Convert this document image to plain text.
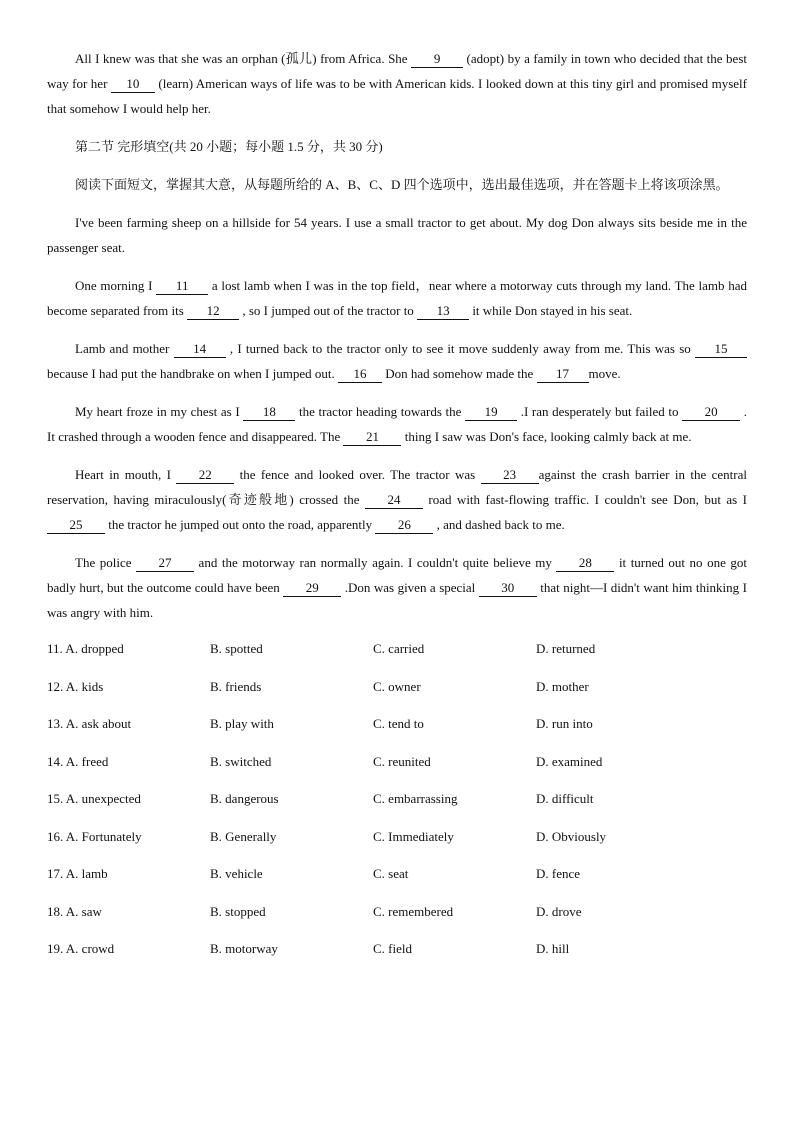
All I knew was that she was an orphan (孤儿) from Africa. She 9 (adopt) by a family in town who decided that the best way for her 10 (learn) American ways of life was to be with American kids. I looked down at this tiny girl and promised myself that somehow I would help her.

第二节 完形填空(共 20 小题；每小题 1.5 分，共 30 分)

阅读下面短文，掌握其大意，从每题所给的 A、B、C、D 四个选项中，选出最佳选项，并在答题卡上将该项涂黑。

I've been farming sheep on a hillside for 54 years. I use a small tractor to get about. My dog Don always sits beside me in the passenger seat.

One morning I 11 a lost lamb when I was in the top field，near where a motorway cuts through my land. The lamb had become separated from its 12 , so I jumped out of the tractor to 13 it while Don stayed in his seat.

Lamb and mother 14 , I turned back to the tractor only to see it move suddenly away from me. This was so 15 because I had put the handbrake on when I jumped out. 16 Don had somehow made the 17 move.

My heart froze in my chest as I 18 the tractor heading towards the 19 .I ran desperately but failed to 20 . It crashed through a wooden fence and disappeared. The 21 thing I saw was Don's face, looking calmly back at me.

Heart in mouth, I 22 the fence and looked over. The tractor was 23 against the crash barrier in the central reservation, having miraculously(奇迹般地) crossed the 24 road with fast-flowing traffic. I couldn't see Don, but as I 25 the tractor he jumped out onto the road, apparently 26 , and dashed back to me.

The police 27 and the motorway ran normally again. I couldn't quite believe my 28 it turned out no one got badly hurt, but the outcome could have been 29 .Don was given a special 30 that night—I didn't want him thinking I was angry with him.

11. A. dropped	B. spotted	C. carried	D. returned
12. A. kids	B. friends	C. owner	D. mother
13. A. ask about	B. play with	C. tend to	D. run into
14. A. freed	B. switched	C. reunited	D. examined
15. A. unexpected	B. dangerous	C. embarrassing	D. difficult
16. A. Fortunately	B. Generally	C. Immediately	D. Obviously
17. A. lamb	B. vehicle	C. seat	D. fence
18. A. saw	B. stopped	C. remembered	D. drove
19. A. crowd	B. motorway	C. field	D. hill
